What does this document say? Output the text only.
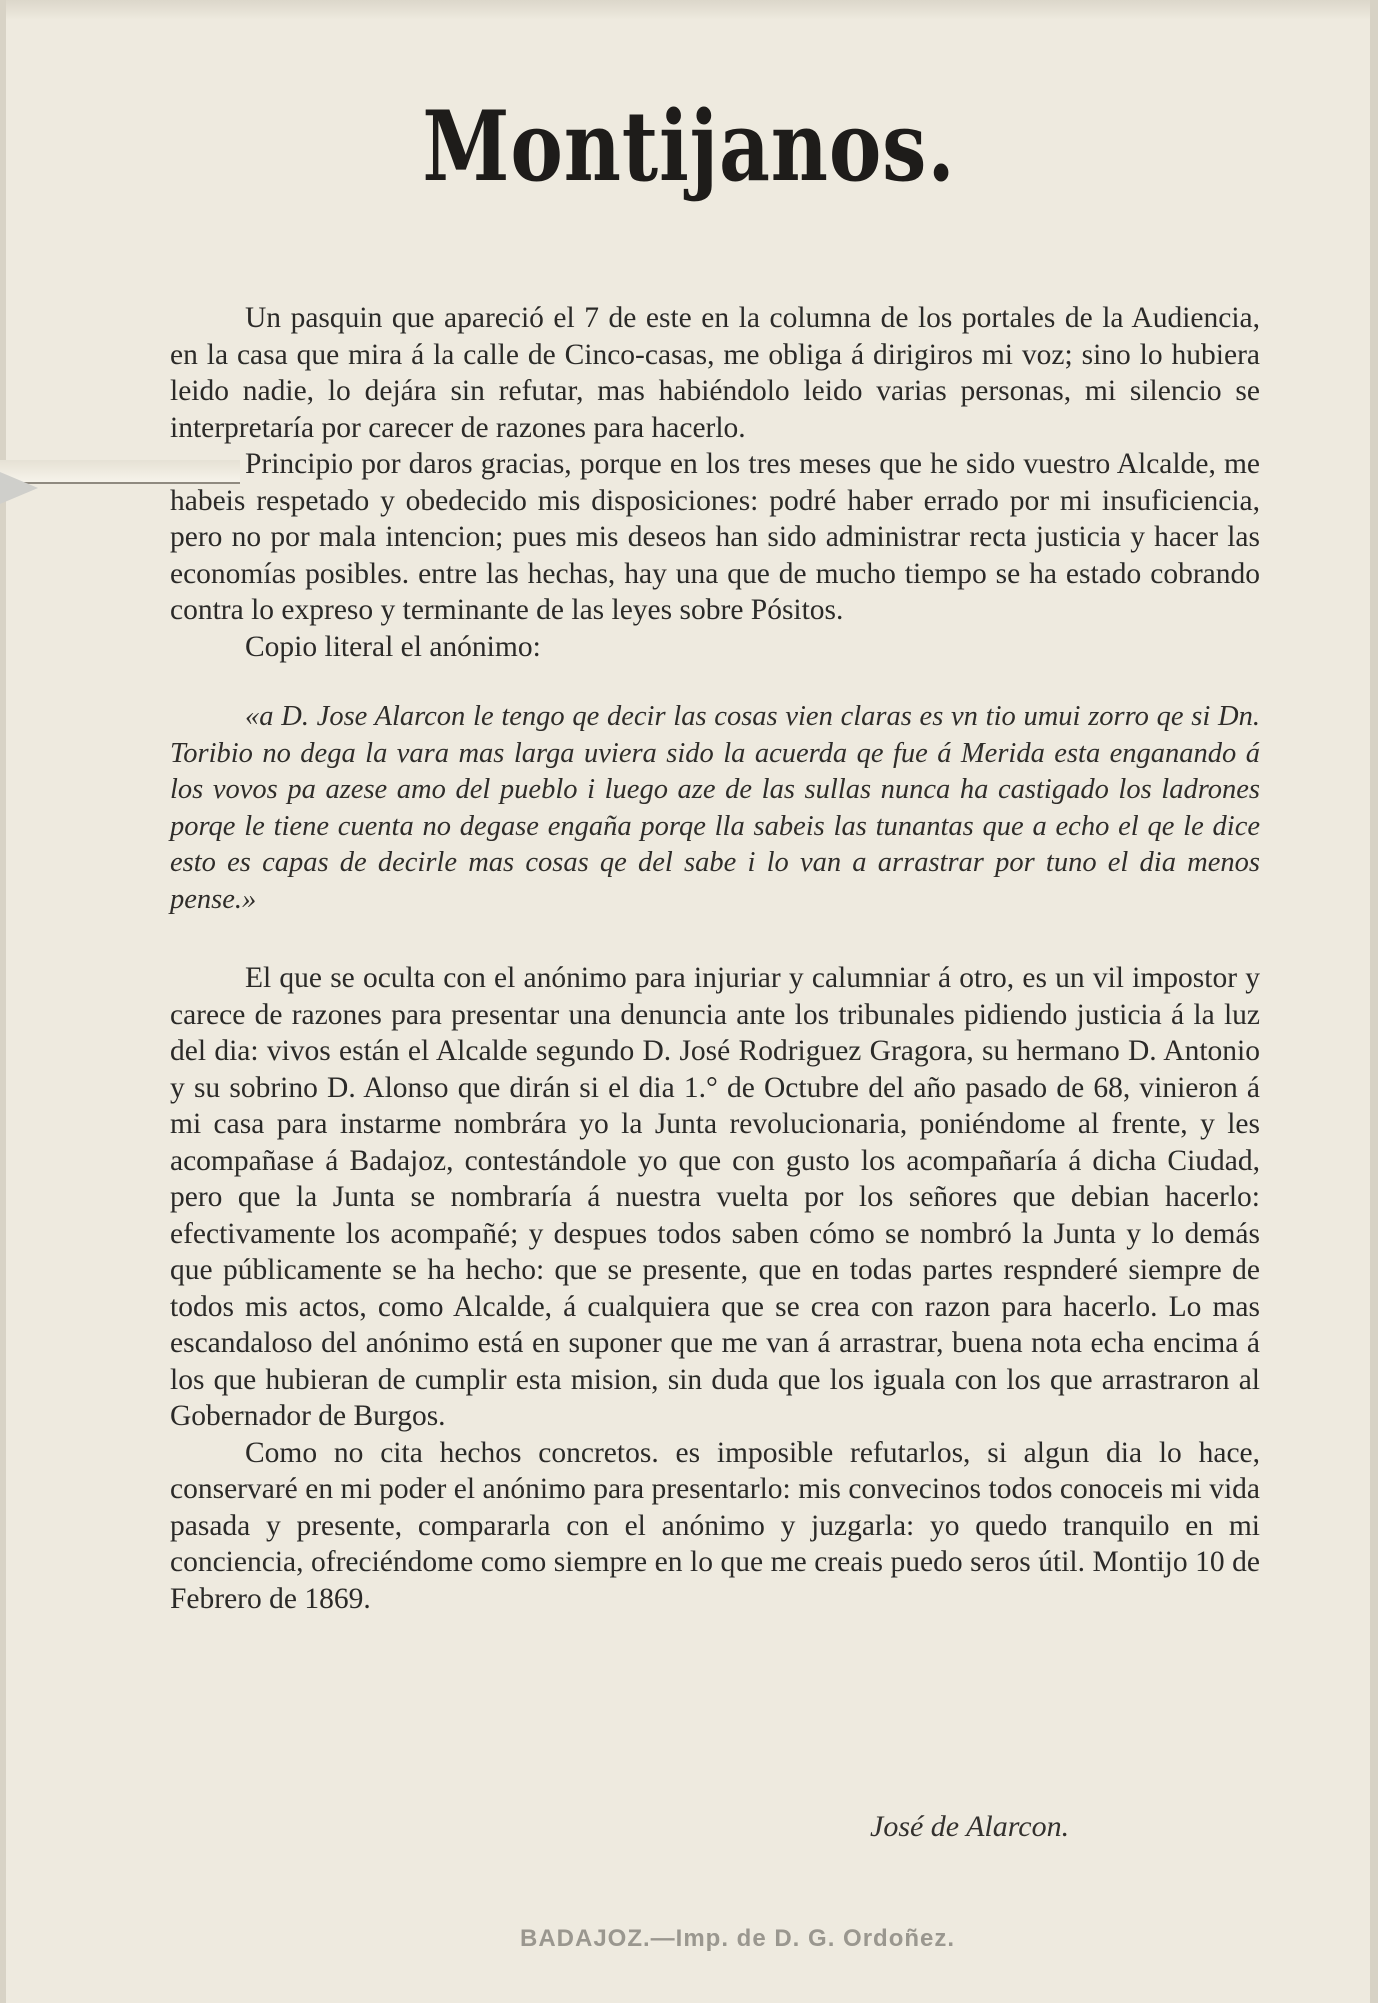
Montijanos.

Un pasquin que apareció el 7 de este en la columna de los portales de la Audiencia, en la casa que mira á la calle de Cinco-casas, me obliga á dirigiros mi voz; sino lo hubiera leido nadie, lo dejára sin refutar, mas habiéndolo leido varias personas, mi silencio se interpretaría por carecer de razones para hacerlo.

Principio por daros gracias, porque en los tres meses que he sido vuestro Alcalde, me habeis respetado y obedecido mis disposiciones: podré haber errado por mi insuficiencia, pero no por mala intencion; pues mis deseos han sido administrar recta justicia y hacer las economías posibles. entre las hechas, hay una que de mucho tiempo se ha estado cobrando contra lo expreso y terminante de las leyes sobre Pósitos.

Copio literal el anónimo:

«a D. Jose Alarcon le tengo qe decir las cosas vien claras es vn tio umui zorro qe si Dn. Toribio no dega la vara mas larga uviera sido la acuerda qe fue á Merida esta enganando á los vovos pa azese amo del pueblo i luego aze de las sullas nunca ha castigado los ladrones porqe le tiene cuenta no degase engaña porqe lla sabeis las tunantas que a echo el qe le dice esto es capas de decirle mas cosas qe del sabe i lo van a arrastrar por tuno el dia menos pense.»

El que se oculta con el anónimo para injuriar y calumniar á otro, es un vil impostor y carece de razones para presentar una denuncia ante los tribunales pidiendo justicia á la luz del dia: vivos están el Alcalde segundo D. José Rodriguez Gragora, su hermano D. Antonio y su sobrino D. Alonso que dirán si el dia 1.° de Octubre del año pasado de 68, vinieron á mi casa para instarme nombrára yo la Junta revolucionaria, poniéndome al frente, y les acompañase á Badajoz, contestándole yo que con gusto los acompañaría á dicha Ciudad, pero que la Junta se nombraría á nuestra vuelta por los señores que debian hacerlo: efectivamente los acompañé; y despues todos saben cómo se nombró la Junta y lo demás que públicamente se ha hecho: que se presente, que en todas partes respnderé siempre de todos mis actos, como Alcalde, á cualquiera que se crea con razon para hacerlo. Lo mas escandaloso del anónimo está en suponer que me van á arrastrar, buena nota echa encima á los que hubieran de cumplir esta mision, sin duda que los iguala con los que arrastraron al Gobernador de Burgos.

Como no cita hechos concretos. es imposible refutarlos, si algun dia lo hace, conservaré en mi poder el anónimo para presentarlo: mis convecinos todos conoceis mi vida pasada y presente, compararla con el anónimo y juzgarla: yo quedo tranquilo en mi conciencia, ofreciéndome como siempre en lo que me creais puedo seros útil. Montijo 10 de Febrero de 1869.

José de Alarcon.
BADAJOZ.—Imp. de D. G. Ordoñez.
